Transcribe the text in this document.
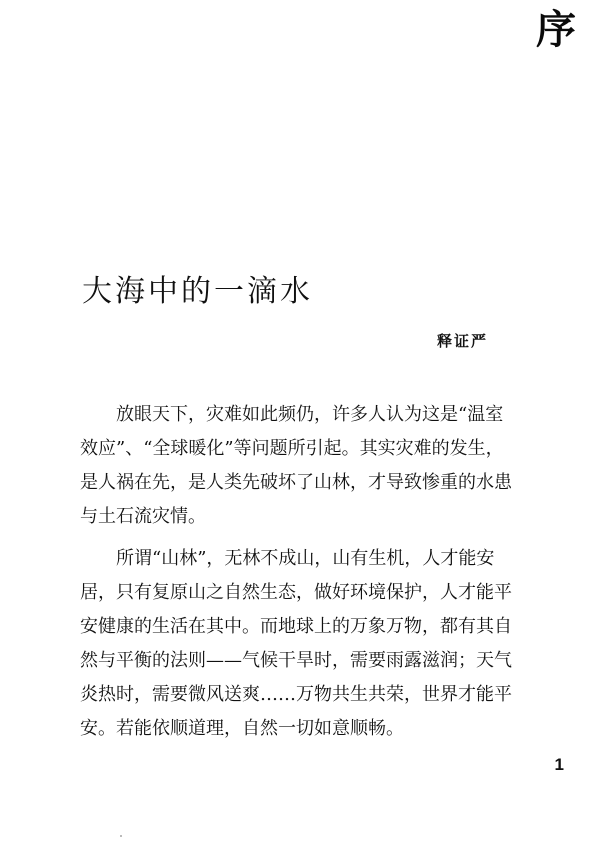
序
大海中的一滴水
释证严

放眼天下，灾难如此频仍，许多人认为这是“温室效应”、“全球暖化”等问题所引起。其实灾难的发生，是人祸在先，是人类先破坏了山林，才导致惨重的水患与土石流灾情。

所谓“山林”，无林不成山，山有生机，人才能安居，只有复原山之自然生态，做好环境保护，人才能平安健康的生活在其中。而地球上的万象万物，都有其自然与平衡的法则——气候干旱时，需要雨露滋润；天气炎热时，需要微风送爽……万物共生共荣，世界才能平安。若能依顺道理，自然一切如意顺畅。

1
